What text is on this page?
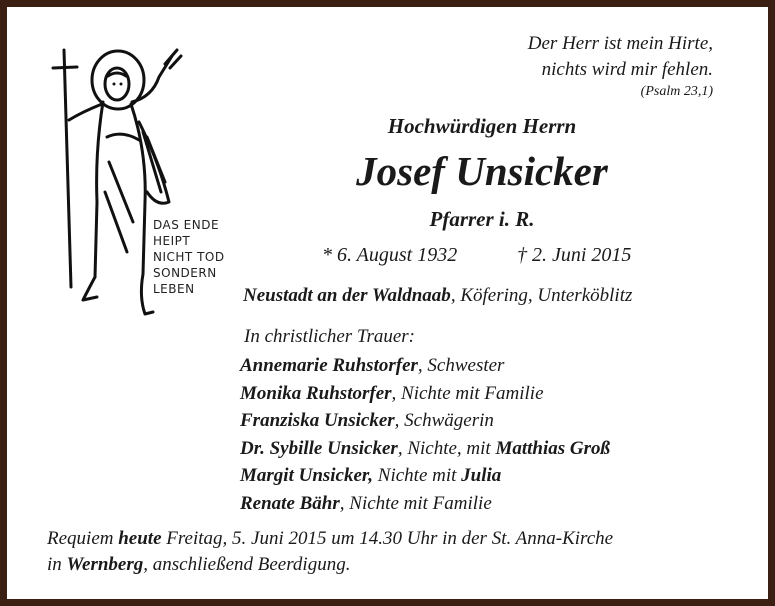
Der Herr ist mein Hirte,
nichts wird mir fehlen.
(Psalm 23,1)
DAS ENDE
HEIPT
NICHT TOD
SONDERN
LEBEN
Hochwürdigen Herrn
Josef Unsicker
Pfarrer i. R.
* 6. August 1932	† 2. Juni 2015
Neustadt an der Waldnaab, Köfering, Unterköblitz
In christlicher Trauer:
Annemarie Ruhstorfer, Schwester
Monika Ruhstorfer, Nichte mit Familie
Franziska Unsicker, Schwägerin
Dr. Sybille Unsicker, Nichte, mit Matthias Groß
Margit Unsicker, Nichte mit Julia
Renate Bähr, Nichte mit Familie
Requiem heute Freitag, 5. Juni 2015 um 14.30 Uhr in der St. Anna-Kirche
in Wernberg, anschließend Beerdigung.
